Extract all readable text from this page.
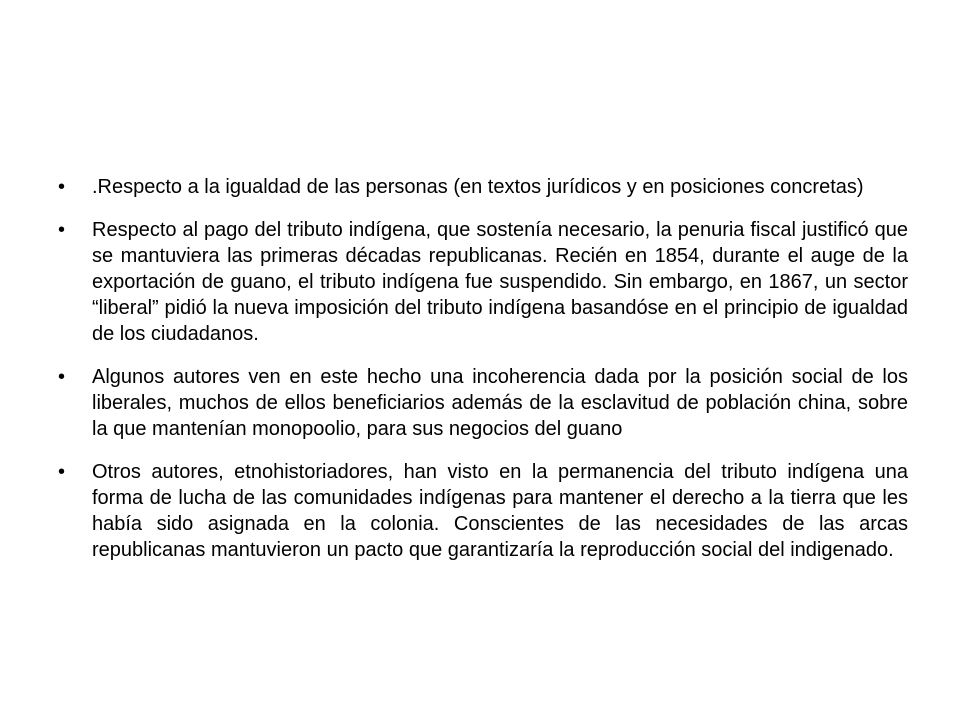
•	.Respecto a la igualdad de las personas (en textos jurídicos y en posiciones concretas)
•	Respecto al pago del tributo indígena, que sostenía necesario, la penuria fiscal justificó que se mantuviera las primeras décadas republicanas. Recién en 1854, durante el auge de la exportación de guano, el tributo indígena fue suspendido. Sin embargo, en 1867, un sector “liberal” pidió la nueva imposición del tributo indígena basandóse en el principio de igualdad de los ciudadanos.
•	Algunos autores ven en este hecho una incoherencia dada por la posición social de los liberales, muchos de ellos beneficiarios además de la esclavitud de población china, sobre la que mantenían monopoolio, para sus negocios del guano
•	Otros autores, etnohistoriadores, han visto en la permanencia del tributo indígena una forma de lucha de las comunidades indígenas para mantener el derecho a la tierra que les había sido asignada en la colonia. Conscientes de las necesidades de las arcas republicanas mantuvieron un pacto que garantizaría la reproducción social del indigenado.
